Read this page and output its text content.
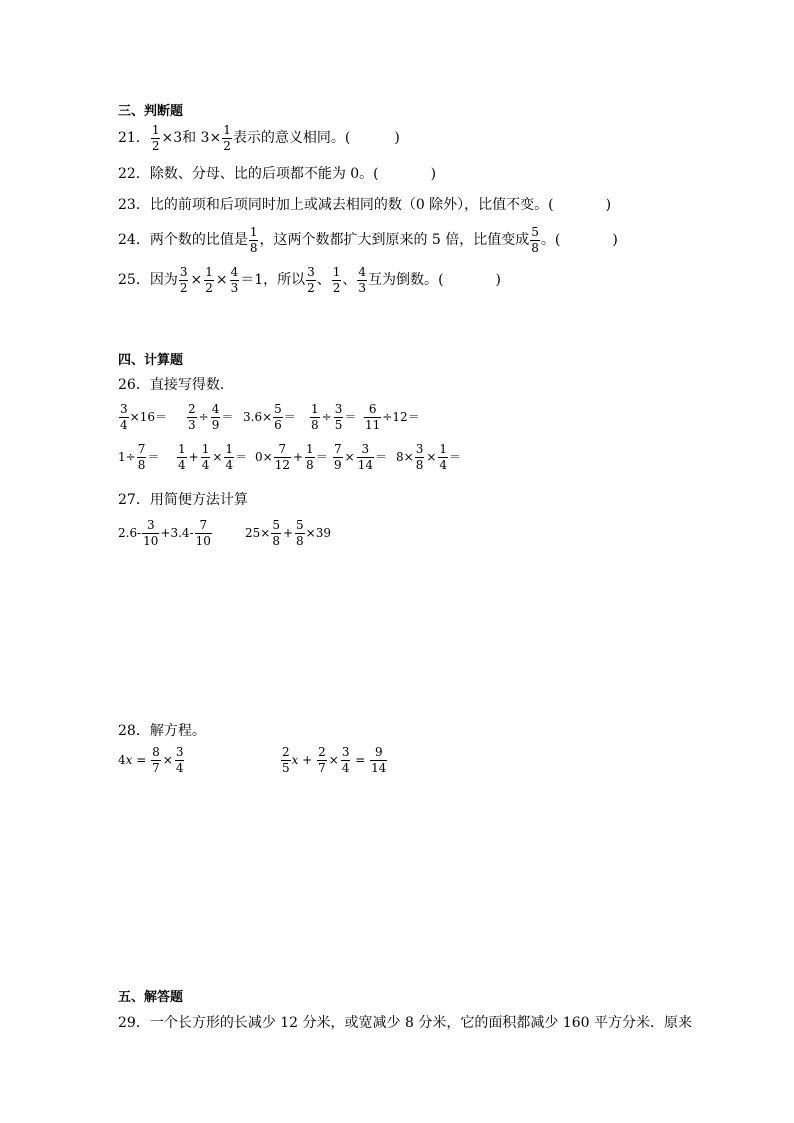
三、判断题
21． $\frac{1}{2} \times 3$和 $3\times \frac{1}{2}$ 表示的意义相同。 (	)
22．除数、分母、比的后项都不能为 0。 (	)
23．比的前项和后项同时加上或减去相同的数（0 除外），比值不变。 (	)
24．两个数的比值是 $\frac{1}{8}$ ，这两个数都扩大到原来的 5 倍，比值变成 $\frac{5}{8}$ 。 (	)
25．因为 $\frac{3}{2} \times \frac{1}{2} \times \frac{4}{3} =1$，所以 $\frac{3}{2}$ 、 $\frac{1}{2}$ 、 $\frac{4}{3}$ 互为倒数。 (	)
四、计算题
26．直接写得数．
$\frac{3}{4} \times 16= \frac{2}{3} \div \frac{4}{9} = 3.6\times \frac{5}{6} = \frac{1}{8} \div \frac{3}{5} = \frac{6}{11} \div 12=$
$1\div \frac{7}{8} = \frac{1}{4} + \frac{1}{4} \times \frac{1}{4} = 0\times \frac{7}{12} + \frac{1}{8} = \frac{7}{9} \times \frac{3}{14} = 8\times \frac{3}{8} \times \frac{1}{4}$ ＝
27．用简便方法计算
$2.6- \frac{3}{10} +3.4- \frac{7}{10}$	$25\times \frac{5}{8} + \frac{5}{8} \times 39$
28．解方程。
4 $x = \frac{8}{7} \times \frac{3}{4}$	$\frac{2}{5}$ $x + \frac{2}{7} \times \frac{3}{4} = \frac{9}{14}$
五、解答题
29．一个长方形的长减少 12 分米，或宽减少 8 分米，它的面积都减少 160 平方分米．原来
